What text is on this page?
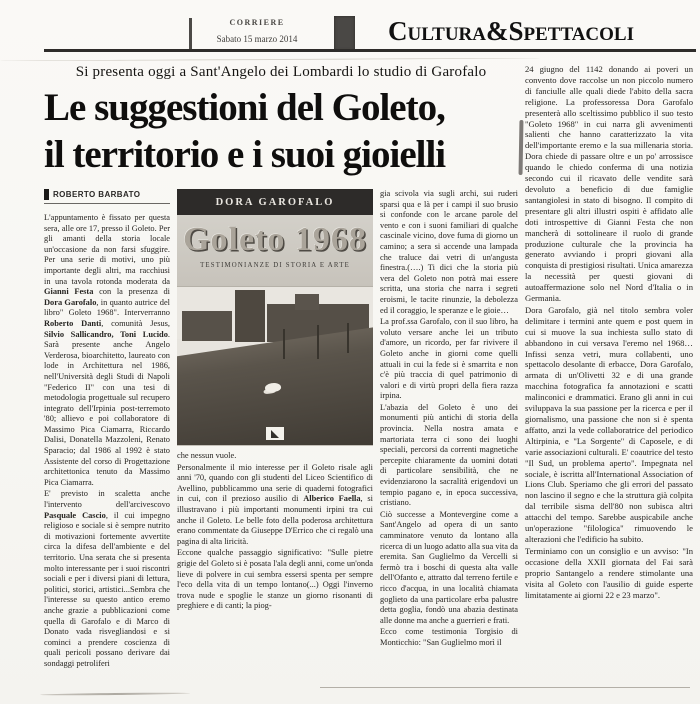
CORRIERE
Sabato 15 marzo 2014	Cultura&Spettacoli
Si presenta oggi a Sant'Angelo dei Lombardi lo studio di Garofalo
Le suggestioni del Goleto,
il territorio e i suoi gioielli
ROBERTO BARBATO

L'appuntamento è fissato per questa sera, alle ore 17, presso il Goleto. Per gli amanti della storia locale un'occasione da non farsi sfuggire. Per una serie di motivi, uno più importante degli altri, ma racchiusi in una tavola rotonda moderata da Gianni Festa con la presenza di Dora Garofalo, in quanto autrice del libro" Goleto 1968". Interverranno Roberto Danti, comunità Jesus, Silvio Sallicandro, Toni Lucido. Sarà presente anche Angelo Verderosa, bioarchitetto, laureato con lode in Architettura nel 1986, nell'Università degli Studi di Napoli "Federico II" con una tesi di metodologia progettuale sul recupero integrato dell'Irpinia post-terremoto '80; allievo e poi collaboratore di Massimo Pica Ciamarra, Riccardo Dalisi, Donatella Mazzoleni, Renato Sparacio; dal 1986 al 1992 è stato Assistente del corso di Progettazione architettonica tenuto da Massimo Pica Ciamarra.

E' previsto in scaletta anche l'intervento dell'arcivescovo Pasquale Cascio, il cui impegno religioso e sociale si è sempre nutrito di motivazioni fortemente avvertite circa la difesa dell'ambiente e del territorio. Una serata che si presenta molto interessante per i suoi riscontri sociali e per i diversi piani di lettura, politici, storici, artistici...Sembra che l'interesse su questo antico eremo anche grazie a pubblicazioni come quella di Garofalo e di Marco di Donato vada risvegliandosi e si cominci a prendere coscienza di quali pericoli possano derivare dai sondaggi petroliferi

DORA GAROFALO
Goleto 1968
TESTIMONIANZE DI STORIA E ARTE

che nessun vuole.

Personalmente il mio interesse per il Goleto risale agli anni '70, quando con gli studenti del Liceo Scientifico di Avellino, pubblicammo una serie di quaderni fotografici in cui, con il prezioso ausilio di Alberico Faella, si illustravano i più importanti monumenti irpini tra cui anche il Goleto. Le belle foto della poderosa architettura erano commentate da Giuseppe D'Errico che ci regalò una pagina di alta liricità.

Eccone qualche passaggio significativo: "Sulle pietre grigie del Goleto si è posata l'ala degli anni, come un'onda lieve di polvere in cui sembra essersi spenta per sempre l'eco della vita di un tempo lontano(...) Oggi l'inverno trova nude e spoglie le stanze un giorno risonanti di preghiere e di canti; la piog-

gia scivola via sugli archi, sui ruderi sparsi qua e là per i campi il suo brusio si confonde con le arcane parole del vento e con i suoni familiari di qualche cascinale vicino, dove fuma di giorno un camino; a sera si accende una lampada che traluce dai vetri di un'angusta finestra.(….) Ti dici che la storia più vera del Goleto non potrà mai essere scritta, una storia che narra i segreti eroismi, le tacite rinunzie, la debolezza ed il coraggio, le speranze e le gioie…

La prof.ssa Garofalo, con il suo libro, ha voluto versare anche lei un tributo d'amore, un ricordo, per far rivivere il Goleto anche in giorni come quelli attuali in cui la fede si è smarrita e non c'è più traccia di quel patrimonio di valori e di virtù propri della fiera razza irpina.

L'abazia del Goleto è uno dei monumenti più antichi di storia della provincia. Nella nostra amata e martoriata terra ci sono dei luoghi speciali, percorsi da correnti magnetiche percepite chiaramente da uomini dotati di particolare sensibilità, che ne evidenziarono la sacralità erigendovi un tempio pagano e, in epoca successiva, cristiano.

Ciò successe a Montevergine come a Sant'Angelo ad opera di un santo camminatore venuto da lontano alla ricerca di un luogo adatto alla sua vita da eremita. San Guglielmo da Vercelli si fermò tra i boschi di questa alta valle dell'Ofanto e, attratto dal terreno fertile e ricco d'acqua, in una località chiamata goglieto da una particolare erba palustre detta goglia, fondò una abazia destinata alle donne ma anche a guerrieri e frati.

Ecco come testimonia Torgisio di Monticchio: "San Guglielmo morì il

24 giugno del 1142 donando ai poveri un convento dove raccolse un non piccolo numero di fanciulle alle quali diede l'abito della sacra religione. La professoressa Dora Garofalo presenterà allo sceltissimo pubblico il suo testo "Goleto 1968" in cui narra gli avvenimenti salienti che hanno caratterizzato la vita dell'importante eremo e la sua millenaria storia. Dora chiede di passare oltre e un po' arrossisce quando le chiedo conferma di una notizia secondo cui il ricavato delle vendite sarà devoluto a beneficio di due famiglie santangiolesi in stato di bisogno. Il compito di presentare gli altri illustri ospiti è affidato alle doti introspettive di Gianni Festa che non mancherà di sottolineare il ruolo di grande produzione culturale che la provincia ha generato avviando i propri giovani alla conquista di prestigiosi risultati. Unica amarezza la necessità per questi giovani di autoaffermazione solo nel Nord d'Italia o in Germania.

Dora Garofalo, già nel titolo sembra voler delimitare i termini ante quem e post quem in cui si muove la sua inchiesta sullo stato di abbandono in cui versava l'eremo nel 1968…Infissi senza vetri, mura collabenti, uno spettacolo desolante di erbacce, Dora Garofalo, armata di un'Olivetti 32 e di una grande macchina fotografica fa annotazioni e scatti malinconici e drammatici. Erano gli anni in cui sviluppava la sua passione per la ricerca e per il giornalismo, una passione che non si è spenta affatto, anzi la vede collaboratrice del periodico Altirpinia, e "La Sorgente" di Caposele, e di varie associazioni culturali. E' coautrice del testo "Il Sud, un problema aperto". Impegnata nel sociale, è iscritta all'International Association of Lions Club. Speriamo che gli errori del passato non lascino il segno e che la struttura già colpita dal terribile sisma dell'80 non subisca altri attacchi del tempo. Sarebbe auspicabile anche un'operazione "filologica" rimuovendo le alterazioni che l'edificio ha subito.

Terminiamo con un consiglio e un avviso: "In occasione della XXII giornata del Fai sarà proprio Santangelo a rendere stimolante una visita al Goleto con l'ausilio di guide esperte limitatamente ai giorni 22 e 23 marzo".
